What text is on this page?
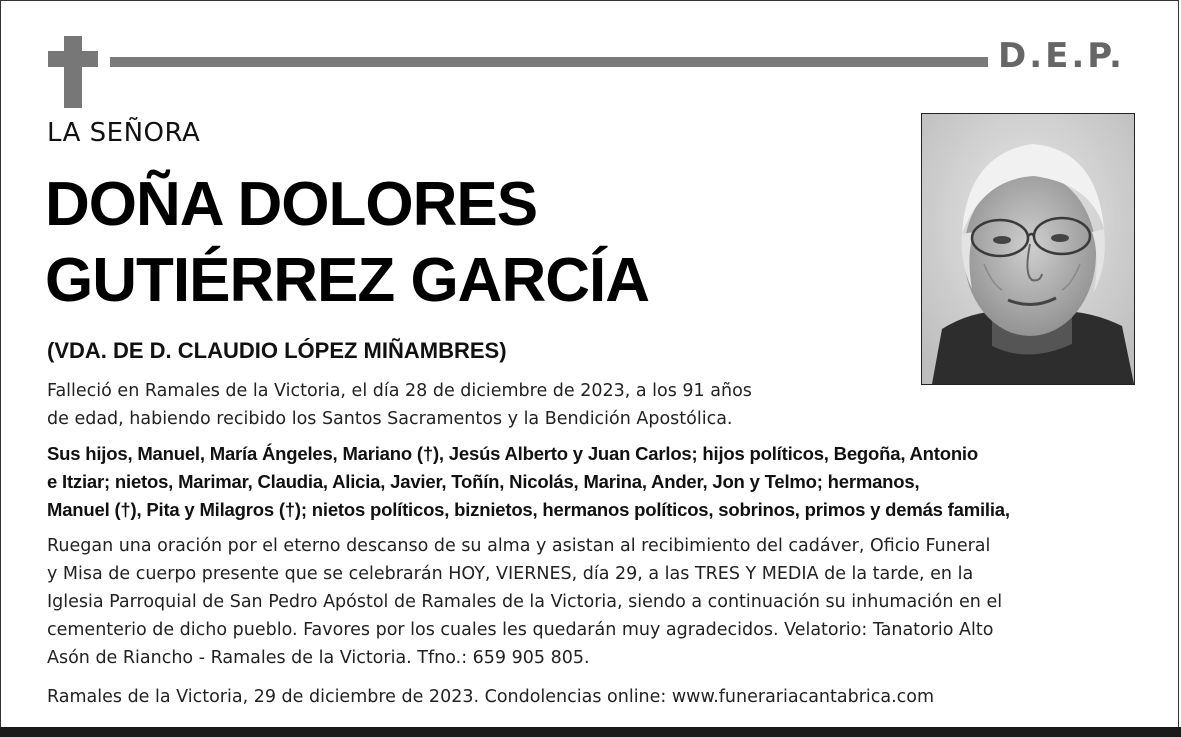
D.E.P.
LA SEÑORA
DOÑA DOLORES
GUTIÉRREZ GARCÍA
(VDA. DE D. CLAUDIO LÓPEZ MIÑAMBRES)
Falleció en Ramales de la Victoria, el día 28 de diciembre de 2023, a los 91 años
de edad, habiendo recibido los Santos Sacramentos y la Bendición Apostólica.
Sus hijos, Manuel, María Ángeles, Mariano (†), Jesús Alberto y Juan Carlos; hijos políticos, Begoña, Antonio
e Itziar; nietos, Marimar, Claudia, Alicia, Javier, Toñín, Nicolás, Marina, Ander, Jon y Telmo; hermanos,
Manuel (†), Pita y Milagros (†); nietos políticos, biznietos, hermanos políticos, sobrinos, primos y demás familia,
Ruegan una oración por el eterno descanso de su alma y asistan al recibimiento del cadáver, Oficio Funeral
y Misa de cuerpo presente que se celebrarán HOY, VIERNES, día 29, a las TRES Y MEDIA de la tarde, en la
Iglesia Parroquial de San Pedro Apóstol de Ramales de la Victoria, siendo a continuación su inhumación en el
cementerio de dicho pueblo. Favores por los cuales les quedarán muy agradecidos. Velatorio: Tanatorio Alto
Asón de Riancho - Ramales de la Victoria. Tfno.: 659 905 805.
Ramales de la Victoria, 29 de diciembre de 2023. Condolencias online: www.funerariacantabrica.com
